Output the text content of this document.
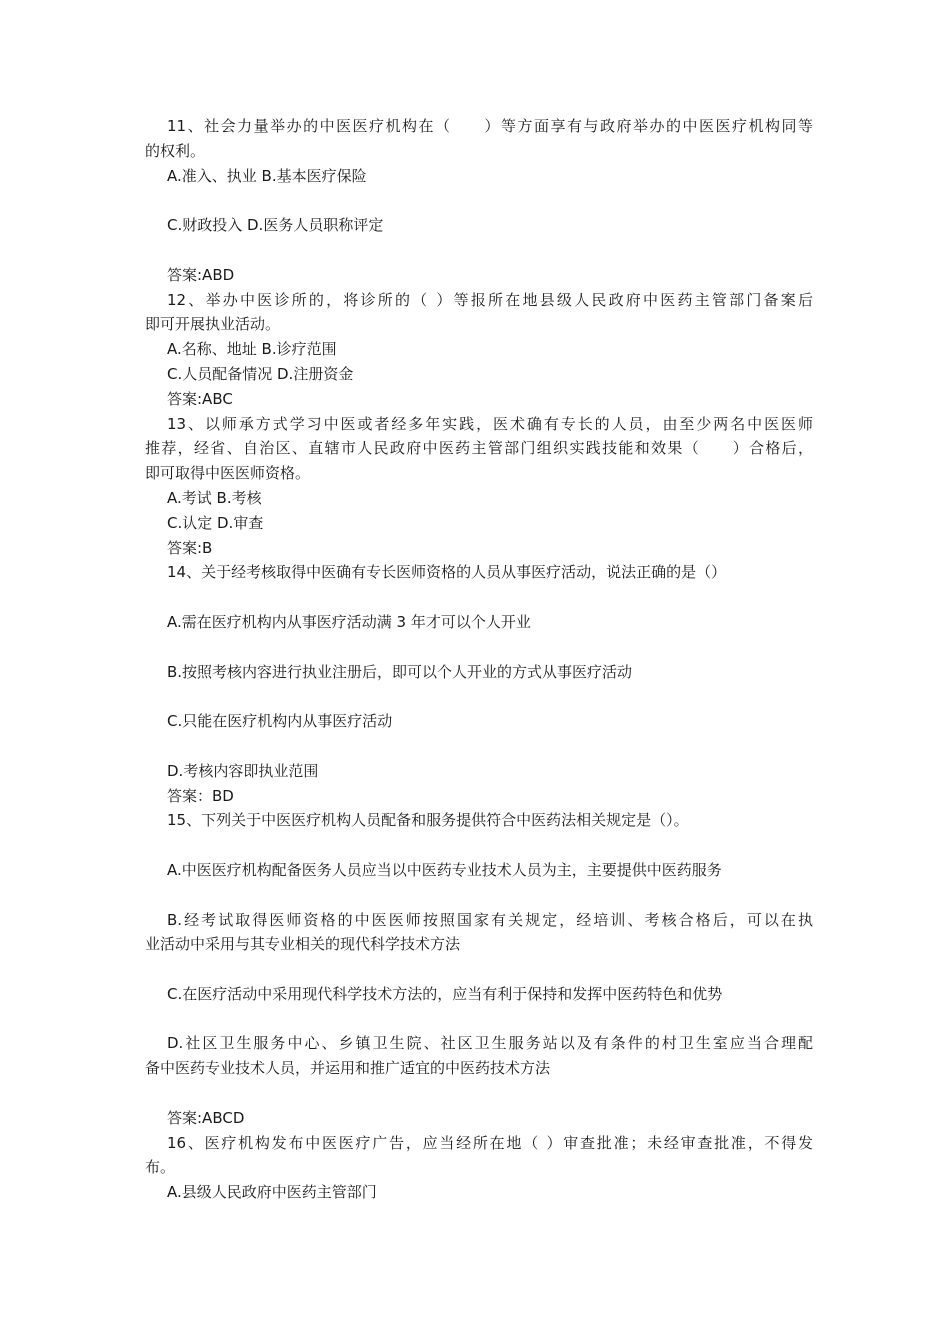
11、社会力量举办的中医医疗机构在（　　）等方面享有与政府举办的中医医疗机构同等
的权利。
A.准入、执业 B.基本医疗保险
C.财政投入 D.医务人员职称评定
答案:ABD
12、举办中医诊所的，将诊所的（ ）等报所在地县级人民政府中医药主管部门备案后
即可开展执业活动。
A.名称、地址 B.诊疗范围
C.人员配备情况 D.注册资金
答案:ABC
13、以师承方式学习中医或者经多年实践，医术确有专长的人员，由至少两名中医医师
推荐，经省、自治区、直辖市人民政府中医药主管部门组织实践技能和效果（　　）合格后，
即可取得中医医师资格。
A.考试 B.考核
C.认定 D.审查
答案:B
14、关于经考核取得中医确有专长医师资格的人员从事医疗活动，说法正确的是（）
A.需在医疗机构内从事医疗活动满 3 年才可以个人开业
B.按照考核内容进行执业注册后，即可以个人开业的方式从事医疗活动
C.只能在医疗机构内从事医疗活动
D.考核内容即执业范围
答案：BD
15、下列关于中医医疗机构人员配备和服务提供符合中医药法相关规定是（）。
A.中医医疗机构配备医务人员应当以中医药专业技术人员为主，主要提供中医药服务
B.经考试取得医师资格的中医医师按照国家有关规定，经培训、考核合格后，可以在执
业活动中采用与其专业相关的现代科学技术方法
C.在医疗活动中采用现代科学技术方法的，应当有利于保持和发挥中医药特色和优势
D.社区卫生服务中心、乡镇卫生院、社区卫生服务站以及有条件的村卫生室应当合理配
备中医药专业技术人员，并运用和推广适宜的中医药技术方法
答案:ABCD
16、医疗机构发布中医医疗广告，应当经所在地（ ）审查批准；未经审查批准，不得发
布。
A.县级人民政府中医药主管部门
